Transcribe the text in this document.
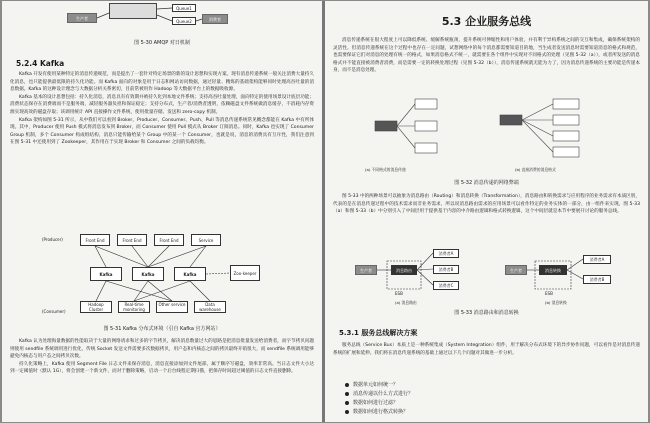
生产者
Queue1
Queue2	消费者
图 5-30 AMQP 对日机制
5.2.4 Kafka

Kafka 开发有使用某种特定的消息传递规范，而是提出了一套针对特定场景的新的设计思想和实现方案。现有消息传递系统一般关注消费大量持久化消息，也只能提供最低限的持久化功能。而 Kafka 面向的对象是用于日志和网站访问数据，通过轻量、精炼的基础架构能够同时处理高吞吐量的消息数据。Kafka 的这种设计理念与大数据分析关系密切，目前常被用作 Hadoop 等大数据平台上的数据吸收源。

Kafka 基本的设计思想包括：持久化消息，消息具有有效期并被持久化到本地文件系统；支持高吞吐量处理，面向特定的使用场景设计底层功能；消费状态保存在消费端而不是服务端，减轻服务器负担和保证稳定；支持分布式，生产者/消费者透明，依赖磁盘文件系统做消息缓存，不消耗内存资源实现高效的磁盘存取；该调用统计 API 直接操作文件系统，使用批量存储、发送和 zero-copy 机制。

Kafka 架构如图 5-31 所示，从中我们可以看到 Broker、Producer、Consumer、Push、Pull 等消息传递系统常见概念都能在 Kafka 中有所体现。其中，Producer 使用 Push 模式将消息发布到 Broker，而 Consumer 使用 Pull 模式从 Broker 订阅消息。同时，Kafka 也实现了 Consumer Group 机制，多个 Consumer 构成组结构，消息只能传输给某个 Group 中的某一个 Consumer，也就是说，消息的消费具有互斥性，我们注意到在图 5-31 中还使用到了 Zookeeper，其作用在于实现 Broker 和 Consumer 之间的负载均衡。

(Producer)
(Consumer)
Front End	Front End	Front End	Service
Kafka	Kafka	Kafka	Zoo-keeper
Hadoop Cluster
Real-time monitoring
Other service	Data warehouse
图 5-31 Kafka 分布式环境（引自 Kafka 官方网站）

Kafka 认为处理海量数据的性能取决于大量的网络请求和过多的字节拷贝，解决消息数量过大的思路是把消息批量发送给消费者，而字节拷贝问题则使用 sendfile 系统调用进行优化，传统 Socket 发送文件需要多次数据拷贝，用户态和内核态之间的拷贝最终开销很大，而 sendfile 系统调用能够避免内核态与用户态之间拷贝次数。

持久化策略上，Kafka 使用 Segment File 日志文件来保存消息，消息直接添加到文件尾部，属于顺序写磁盘，效率非常高。当日志文件大小达到一定阈值时（默认 1G），将会创建一个新文件，而对于删除策略，启动一个后台线程定期扫描，把保存时间超过阈值的日志文件直接删除。

5.3 企业服务总线

消息传递系统在很大程度上可以降低系统、缓解系统瓶颈，提升系统可伸缩性和用户体验，并有利于异构系统之间的交互和集成，确保系统架构的灵活性。但消息传递系统在这个过程中也存在一定问题，试想网络中的每个消息都需要知道目的地，当生成者发送消息时需要知道消息的格式和规范，也需要保证它们对消息的处理有统一的格式，如果消息格式不统一，就需要在各个组件中实现对不同格式的处理（见图 5-32（a）），或者所发送的消息格式并不能直接被消费者消费，而是需要一定的转换处理过程（见图 5-32（b）），消息传递系统就无能为力了，因为消息传递系统的主要功能是传递本身，而不是消息处理。

(a) 不同格式的消息传递	(b) 直接消费的消息格式
图 5-32 消息传递的网络弊端

图 5-33 中的两种场景可以抽象为消息路由（Routing）和消息转换（Transformation），消息路由和转换需求与应用程序的业务需求有本质区别，代表的是在消息传递过程中的技术需求而非业务需求，所以说消息路由需求的应用场景可以看作特定的业务实体的一部分，由一组件来实现。图 5-33（a）和图 5-33（b）中分别引入了中间层用于提供基于内容的中介路由逻辑和格式转换逻辑，这个中间层就是本节中要展开讨论的服务总线。

生产者	消息路由
消费者A
消费者B
消费者C
ESB
生产者	消息转换
消费者A
消费者B
ESB
(a) 消息路由	(b) 消息转换
图 5-33 消息路由和消息转换
5.3.1 服务总线解决方案

服务总线（Service Bus）本质上是一种系统集成（System Integration）组件，用于解决分布式环境下的异步协作问题，可以看作是对消息传递系统的扩展和延伸。我们将在消息传递系统的基础上通过以下几个问题对其做进一步分析。

数据单元如何统一？
消息传递以什么方式进行？
数据如何进行过滤？
数据如何进行格式转换？
